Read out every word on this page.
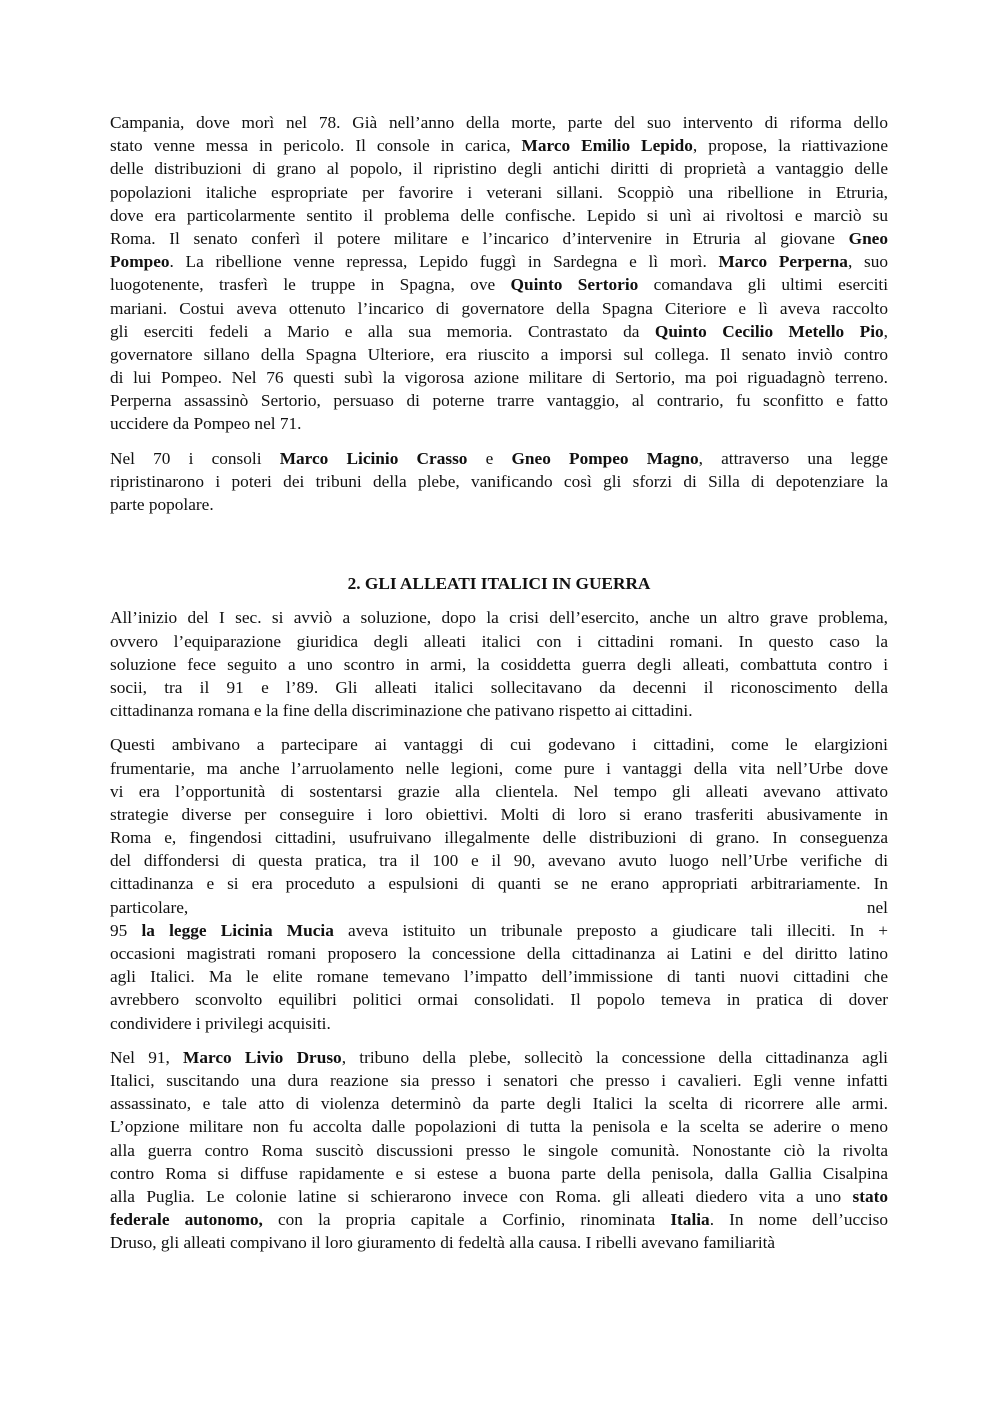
Campania, dove morì nel 78. Già nell’anno della morte, parte del suo intervento di riforma dello
stato venne messa in pericolo. Il console in carica, Marco Emilio Lepido, propose, la riattivazione
delle distribuzioni di grano al popolo, il ripristino degli antichi diritti di proprietà a vantaggio delle
popolazioni italiche espropriate per favorire i veterani sillani. Scoppiò una ribellione in Etruria,
dove era particolarmente sentito il problema delle confische. Lepido si unì ai rivoltosi e marciò su
Roma. Il senato conferì il potere militare e l’incarico d’intervenire in Etruria al giovane Gneo
Pompeo. La ribellione venne repressa, Lepido fuggì in Sardegna e lì morì. Marco Perperna, suo
luogotenente, trasferì le truppe in Spagna, ove Quinto Sertorio comandava gli ultimi eserciti
mariani. Costui aveva ottenuto l’incarico di governatore della Spagna Citeriore e lì aveva raccolto
gli eserciti fedeli a Mario e alla sua memoria. Contrastato da Quinto Cecilio Metello Pio,
governatore sillano della Spagna Ulteriore, era riuscito a imporsi sul collega. Il senato inviò contro
di lui Pompeo. Nel 76 questi subì la vigorosa azione militare di Sertorio, ma poi riguadagnò terreno.
Perperna assassinò Sertorio, persuaso di poterne trarre vantaggio, al contrario, fu sconfitto e fatto
uccidere da Pompeo nel 71.
Nel 70 i consoli Marco Licinio Crasso e Gneo Pompeo Magno, attraverso una legge
ripristinarono i poteri dei tribuni della plebe, vanificando così gli sforzi di Silla di depotenziare la
parte popolare.
2. GLI ALLEATI ITALICI IN GUERRA
All’inizio del I sec. si avviò a soluzione, dopo la crisi dell’esercito, anche un altro grave problema,
ovvero l’equiparazione giuridica degli alleati italici con i cittadini romani. In questo caso la
soluzione fece seguito a uno scontro in armi, la cosiddetta guerra degli alleati, combattuta contro i
socii, tra il 91 e l’89. Gli alleati italici sollecitavano da decenni il riconoscimento della
cittadinanza romana e la fine della discriminazione che pativano rispetto ai cittadini.
Questi ambivano a partecipare ai vantaggi di cui godevano i cittadini, come le elargizioni
frumentarie, ma anche l’arruolamento nelle legioni, come pure i vantaggi della vita nell’Urbe dove
vi era l’opportunità di sostentarsi grazie alla clientela. Nel tempo gli alleati avevano attivato
strategie diverse per conseguire i loro obiettivi. Molti di loro si erano trasferiti abusivamente in
Roma e, fingendosi cittadini, usufruivano illegalmente delle distribuzioni di grano. In conseguenza
del diffondersi di questa pratica, tra il 100 e il 90, avevano avuto luogo nell’Urbe verifiche di
cittadinanza e si era proceduto a espulsioni di quanti se ne erano appropriati arbitrariamente. In
particolare, nel
95 la legge Licinia Mucia aveva istituito un tribunale preposto a giudicare tali illeciti. In +
occasioni magistrati romani proposero la concessione della cittadinanza ai Latini e del diritto latino
agli Italici. Ma le elite romane temevano l’impatto dell’immissione di tanti nuovi cittadini che
avrebbero sconvolto equilibri politici ormai consolidati. Il popolo temeva in pratica di dover
condividere i privilegi acquisiti.
Nel 91, Marco Livio Druso, tribuno della plebe, sollecitò la concessione della cittadinanza agli
Italici, suscitando una dura reazione sia presso i senatori che presso i cavalieri. Egli venne infatti
assassinato, e tale atto di violenza determinò da parte degli Italici la scelta di ricorrere alle armi.
L’opzione militare non fu accolta dalle popolazioni di tutta la penisola e la scelta se aderire o meno
alla guerra contro Roma suscitò discussioni presso le singole comunità. Nonostante ciò la rivolta
contro Roma si diffuse rapidamente e si estese a buona parte della penisola, dalla Gallia Cisalpina
alla Puglia. Le colonie latine si schierarono invece con Roma. gli alleati diedero vita a uno stato
federale autonomo, con la propria capitale a Corfinio, rinominata Italia. In nome dell’ucciso
Druso, gli alleati compivano il loro giuramento di fedeltà alla causa. I ribelli avevano familiarità
